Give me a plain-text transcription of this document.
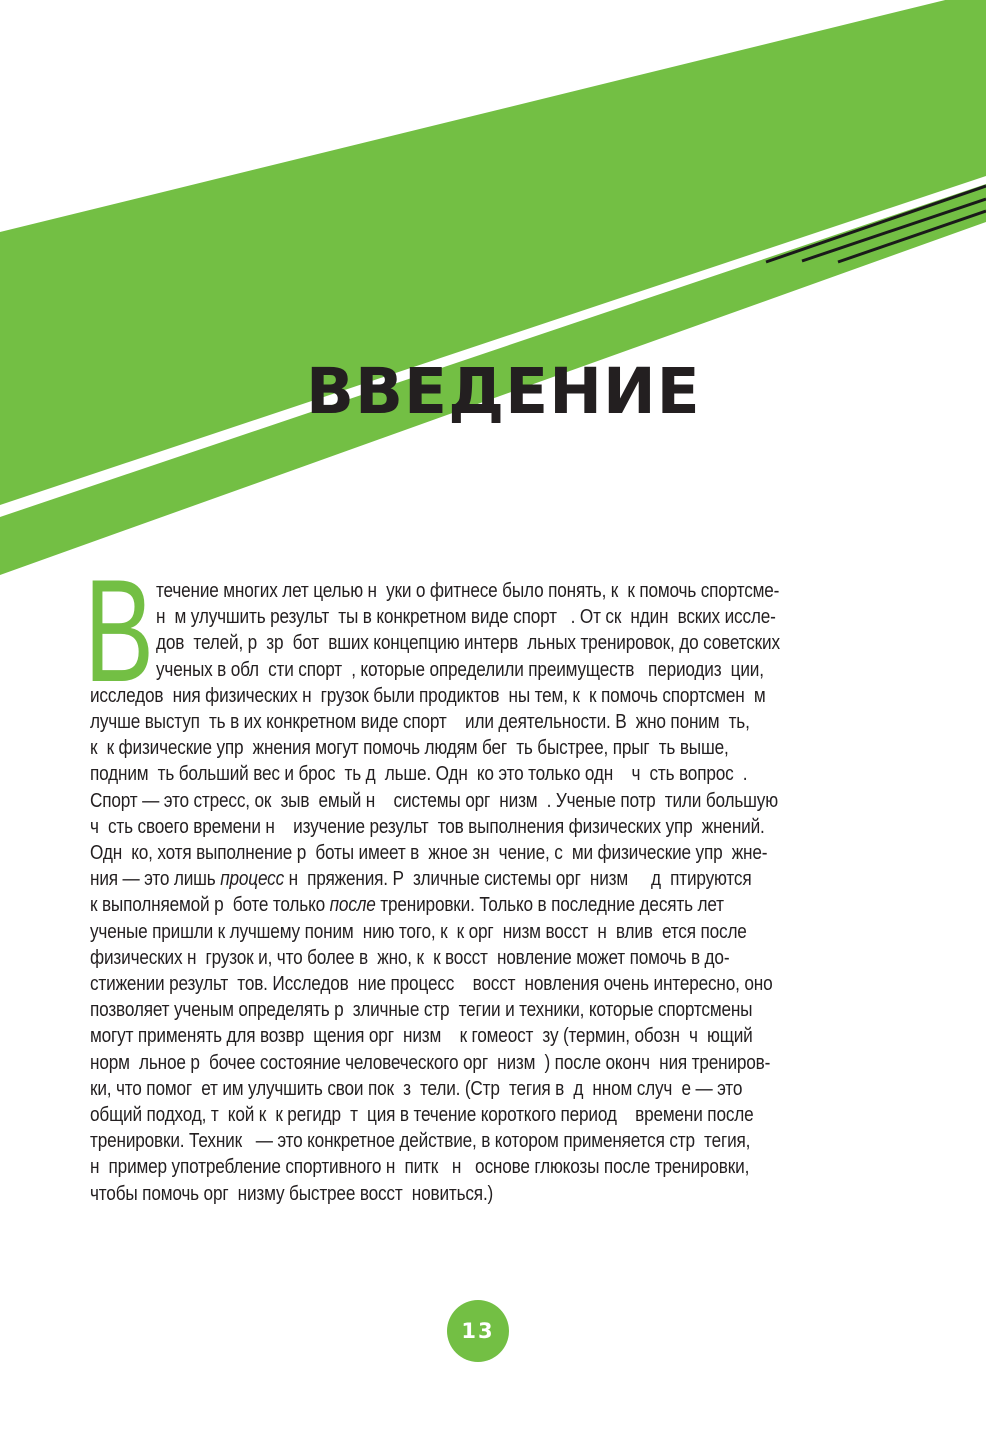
ВВЕДЕНИЕ
В течение многих лет целью н  уки о фитнесе было понять, к  к помочь спортсме-
н  м улучшить результ  ты в конкретном виде спорт   . От ск  ндин  вских иссле-
дов  телей, р  зр  бот  вших концепцию интерв  льных тренировок, до советских
ученых в обл  сти спорт  , которые определили преимуществ   периодиз  ции,
исследов  ния физических н  грузок были продиктов  ны тем, к  к помочь спортсмен  м
лучше выступ  ть в их конкретном виде спорт    или деятельности. В  жно поним  ть,
к  к физические упр  жнения могут помочь людям бег  ть быстрее, прыг  ть выше,
подним  ть больший вес и брос  ть д  льше. Одн  ко это только одн    ч  сть вопрос  .
Спорт — это стресс, ок  зыв  емый н    системы орг  низм  . Ученые потр  тили большую
ч  сть своего времени н    изучение результ  тов выполнения физических упр  жнений.
Одн  ко, хотя выполнение р  боты имеет в  жное зн  чение, с  ми физические упр  жне-
ния — это лишь процесс н  пряжения. Р  зличные системы орг  низм     д  птируются
к выполняемой р  боте только после тренировки. Только в последние десять лет
ученые пришли к лучшему поним  нию того, к  к орг  низм восст  н  влив  ется после
физических н  грузок и, что более в  жно, к  к восст  новление может помочь в до-
стижении результ  тов. Исследов  ние процесс    восст  новления очень интересно, оно
позволяет ученым определять р  зличные стр  тегии и техники, которые спортсмены
могут применять для возвр  щения орг  низм    к гомеост  зу (термин, обозн  ч  ющий
норм  льное р  бочее состояние человеческого орг  низм  ) после оконч  ния трениров-
ки, что помог  ет им улучшить свои пок  з  тели. (Стр  тегия в  д  нном случ  е — это
общий подход, т  кой к  к регидр  т  ция в течение короткого период    времени после
тренировки. Техник   — это конкретное действие, в котором применяется стр  тегия,
н  пример употребление спортивного н  питк   н   основе глюкозы после тренировки,
чтобы помочь орг  низму быстрее восст  новиться.)
13
